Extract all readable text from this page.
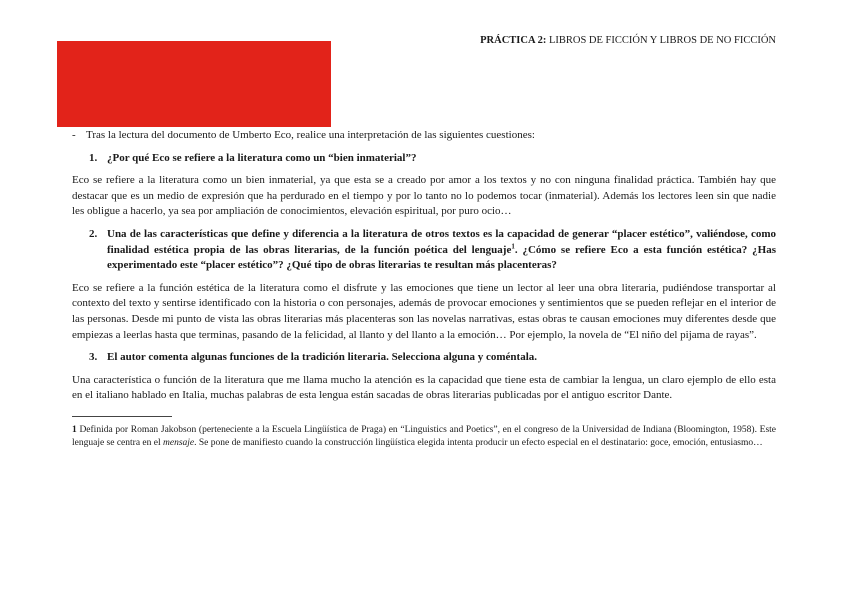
PRÁCTICA 2: LIBROS DE FICCIÓN Y LIBROS DE NO FICCIÓN
- Tras la lectura del documento de Umberto Eco, realice una interpretación de las siguientes cuestiones:
1. ¿Por qué Eco se refiere a la literatura como un “bien inmaterial”?

Eco se refiere a la literatura como un bien inmaterial, ya que esta se a creado por amor a los textos y no con ninguna finalidad práctica. También hay que destacar que es un medio de expresión que ha perdurado en el tiempo y por lo tanto no lo podemos tocar (inmaterial). Además los lectores leen sin que nadie les obligue a hacerlo, ya sea por ampliación de conocimientos, elevación espiritual, por puro ocio…

2. Una de las características que define y diferencia a la literatura de otros textos es la capacidad de generar “placer estético”, valiéndose, como finalidad estética propia de las obras literarias, de la función poética del lenguaje$^1$. ¿Cómo se refiere Eco a esta función estética? ¿Has experimentado este “placer estético”? ¿Qué tipo de obras literarias te resultan más placenteras?

Eco se refiere a la función estética de la literatura como el disfrute y las emociones que tiene un lector al leer una obra literaria, pudiéndose transportar al contexto del texto y sentirse identificado con la historia o con personajes, además de provocar emociones y sentimientos que se pueden reflejar en el interior de las personas. Desde mi punto de vista las obras literarias más placenteras son las novelas narrativas, estas obras te causan emociones muy diferentes desde que empiezas a leerlas hasta que terminas, pasando de la felicidad, al llanto y del llanto a la emoción… Por ejemplo, la novela de “El niño del pijama de rayas”.

3. El autor comenta algunas funciones de la tradición literaria. Selecciona alguna y coméntala.

Una característica o función de la literatura que me llama mucho la atención es la capacidad que tiene esta de cambiar la lengua, un claro ejemplo de ello esta en el italiano hablado en Italia, muchas palabras de esta lengua están sacadas de obras literarias publicadas por el antiguo escritor Dante.

1 Definida por Roman Jakobson (perteneciente a la Escuela Lingüística de Praga) en “Linguistics and Poetics”, en el congreso de la Universidad de Indiana (Bloomington, 1958). Este lenguaje se centra en el mensaje. Se pone de manifiesto cuando la construcción lingüística elegida intenta producir un efecto especial en el destinatario: goce, emoción, entusiasmo…
